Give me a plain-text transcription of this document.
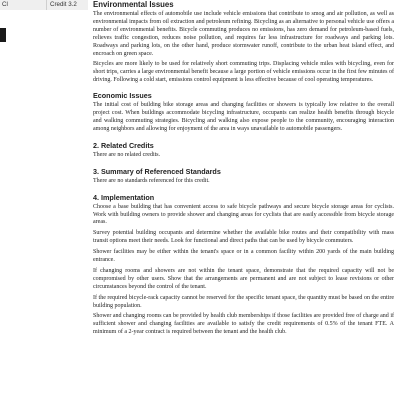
Cl	Credit 3.2 Environmental Issues

The environmental effects of automobile use include vehicle emissions that contribute to smog and air pollution, as well as environmental impacts from oil extraction and petroleum refining. Bicycling as an alternative to personal vehicle use offers a number of environmental benefits. Bicycle commuting produces no emissions, has zero demand for petroleum-based fuels, relieves traffic congestion, reduces noise pollution, and requires far less infrastructure for roadways and parking lots. Roadways and parking lots, on the other hand, produce stormwater runoff, contribute to the urban heat island effect, and encroach on green space.

Bicycles are more likely to be used for relatively short commuting trips. Displacing vehicle miles with bicycling, even for short trips, carries a large environmental benefit because a large portion of vehicle emissions occur in the first few minutes of driving. Following a cold start, emissions control equipment is less effective because of cool operating temperatures.

Economic Issues

The initial cost of building bike storage areas and changing facilities or showers is typically low relative to the overall project cost. When buildings accommodate bicycling infrastructure, occupants can realize health benefits through bicycle and walking commuting strategies. Bicycling and walking also expose people to the community, encouraging interaction among neighbors and allowing for enjoyment of the area in ways unavailable to automobile passengers.

2. Related Credits

There are no related credits.

3. Summary of Referenced Standards

There are no standards referenced for this credit.

4. Implementation

Choose a base building that has convenient access to safe bicycle pathways and secure bicycle storage areas for cyclists. Work with building owners to provide shower and changing areas for cyclists that are easily accessible from bicycle storage areas.

Survey potential building occupants and determine whether the available bike routes and their compatibility with mass transit options meet their needs. Look for functional and direct paths that can be used by bicycle commuters.

Shower facilities may be either within the tenant's space or in a common facility within 200 yards of the main building entrance.

If changing rooms and showers are not within the tenant space, demonstrate that the required capacity will not be compromised by other users. Show that the arrangements are permanent and are not subject to lease revisions or other circumstances beyond the control of the tenant.

If the required bicycle-rack capacity cannot be reserved for the specific tenant space, the quantity must be based on the entire building population.

Shower and changing rooms can be provided by health club memberships if those facilities are provided free of charge and if sufficient shower and changing facilities are available to satisfy the credit requirements of 0.5% of the tenant FTE. A minimum of a 2-year contract is required between the tenant and the health club.
